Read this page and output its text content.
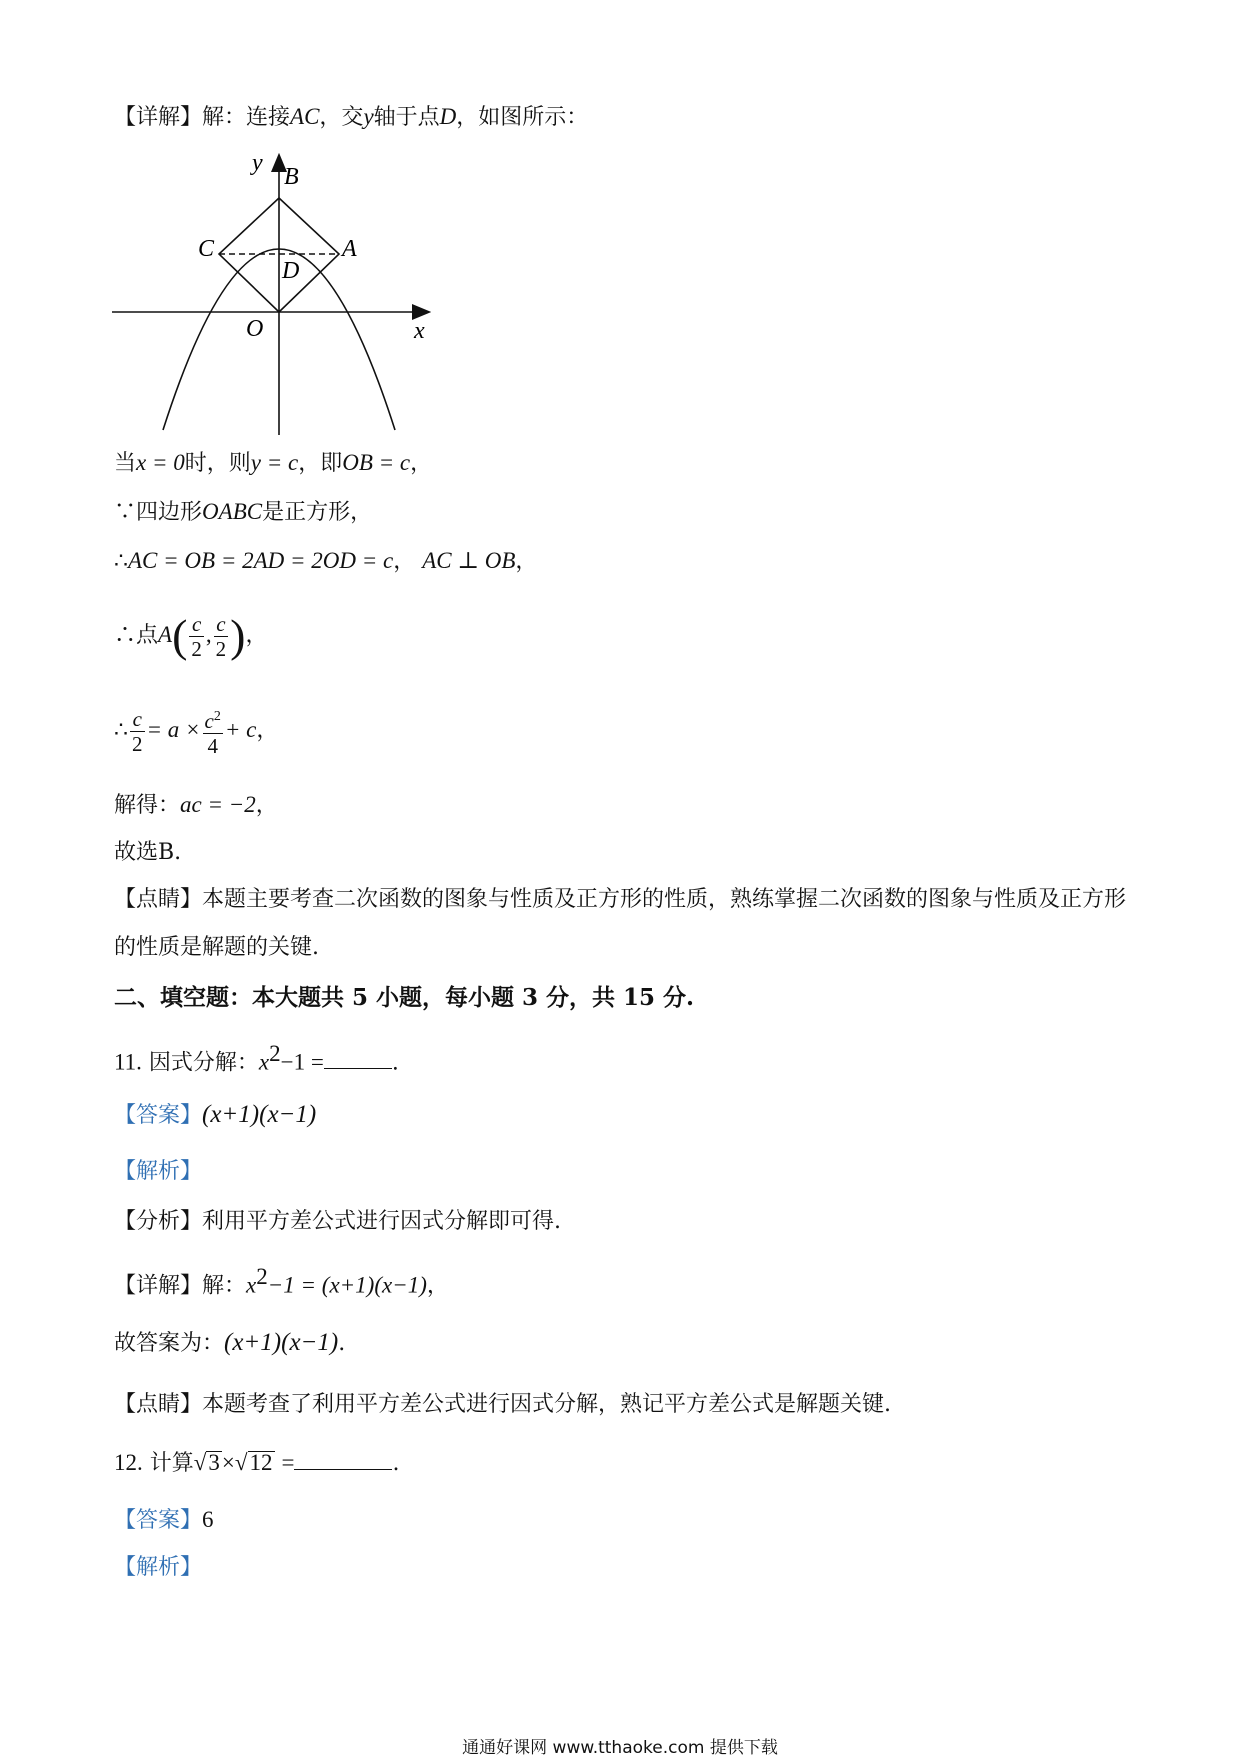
【详解】解：连接AC，交y轴于点D，如图所示：
y
B
C	A
D
O	x
当x = 0时，则y = c，即OB = c，
∵四边形OABC是正方形，
∴AC = OB = 2AD = 2OD = c， AC ⊥ OB，
∴点$A( \frac{c}{2}$ , $\frac{c}{2}$ )，
∴ $\frac{c}{2} = a \times \frac{c^2}{4} + c$，
解得：ac = −2，
故选B.
【点睛】本题主要考查二次函数的图象与性质及正方形的性质，熟练掌握二次函数的图象与性质及正方形
的性质是解题的关键.
二、填空题：本大题共 5 小题，每小题 3 分，共 15 分.
11. 因式分解：$x^2-1$ =	.
【答案】(x+1)(x−1)
【解析】
【分析】利用平方差公式进行因式分解即可得.
【详解】解：$x^2-1 = (x+1)(x-1)$，
故答案为：(x+1)(x−1).
【点睛】本题考查了利用平方差公式进行因式分解，熟记平方差公式是解题关键.
12. 计算√3×√12 =	.
【答案】6
【解析】
通通好课网 www.tthaoke.com 提供下载
